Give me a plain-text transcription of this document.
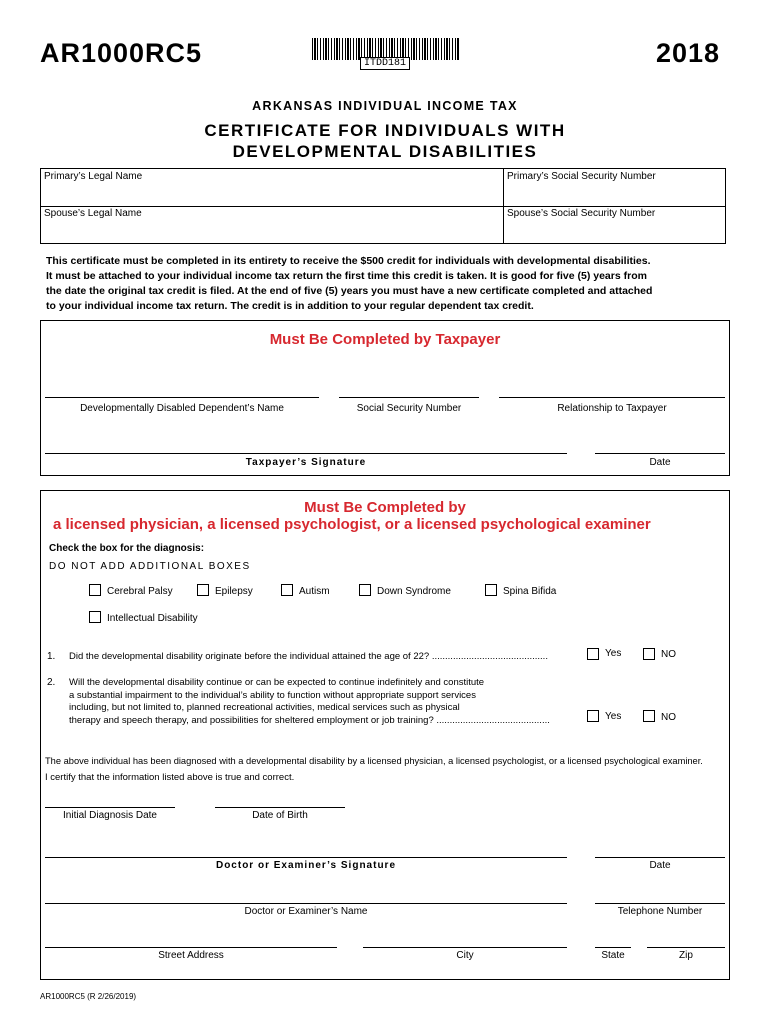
AR1000RC5	ITDD181	2018
ARKANSAS INDIVIDUAL INCOME TAX
CERTIFICATE FOR INDIVIDUALS WITH
DEVELOPMENTAL DISABILITIES
Primary’s Legal Name	Primary’s Social Security Number
Spouse’s Legal Name	Spouse’s Social Security Number
This certificate must be completed in its entirety to receive the $500 credit for individuals with developmental disabilities.
It must be attached to your individual income tax return the first time this credit is taken. It is good for five (5) years from
the date the original tax credit is filed. At the end of five (5) years you must have a new certificate completed and attached
to your individual income tax return. The credit is in addition to your regular dependent tax credit.
Must Be Completed by Taxpayer
Developmentally Disabled Dependent’s Name	Social Security Number	Relationship to Taxpayer
Taxpayer’s Signature	Date
Must Be Completed by
a licensed physician, a licensed psychologist, or a licensed psychological examiner
Check the box for the diagnosis:
DO NOT ADD ADDITIONAL BOXES
Cerebral Palsy	Epilepsy	Autism	Down Syndrome	Spina Bifida
Intellectual Disability
1. Did the developmental disability originate before the individual attained the age of 22? ............................................	Yes	NO
2. Will the developmental disability continue or can be expected to continue indefinitely and constitute
a substantial impairment to the individual’s ability to function without appropriate support services
including, but not limited to, planned recreational activities, medical services such as physical
therapy and speech therapy, and possibilities for sheltered employment or job training? ...........................................	Yes	NO
The above individual has been diagnosed with a developmental disability by a licensed physician, a licensed psychologist, or a licensed psychological examiner.
I certify that the information listed above is true and correct.
Initial Diagnosis Date	Date of Birth
Doctor or Examiner’s Signature	Date
Doctor or Examiner’s Name	Telephone Number
Street Address	City	State	Zip
AR1000RC5 (R 2/26/2019)
